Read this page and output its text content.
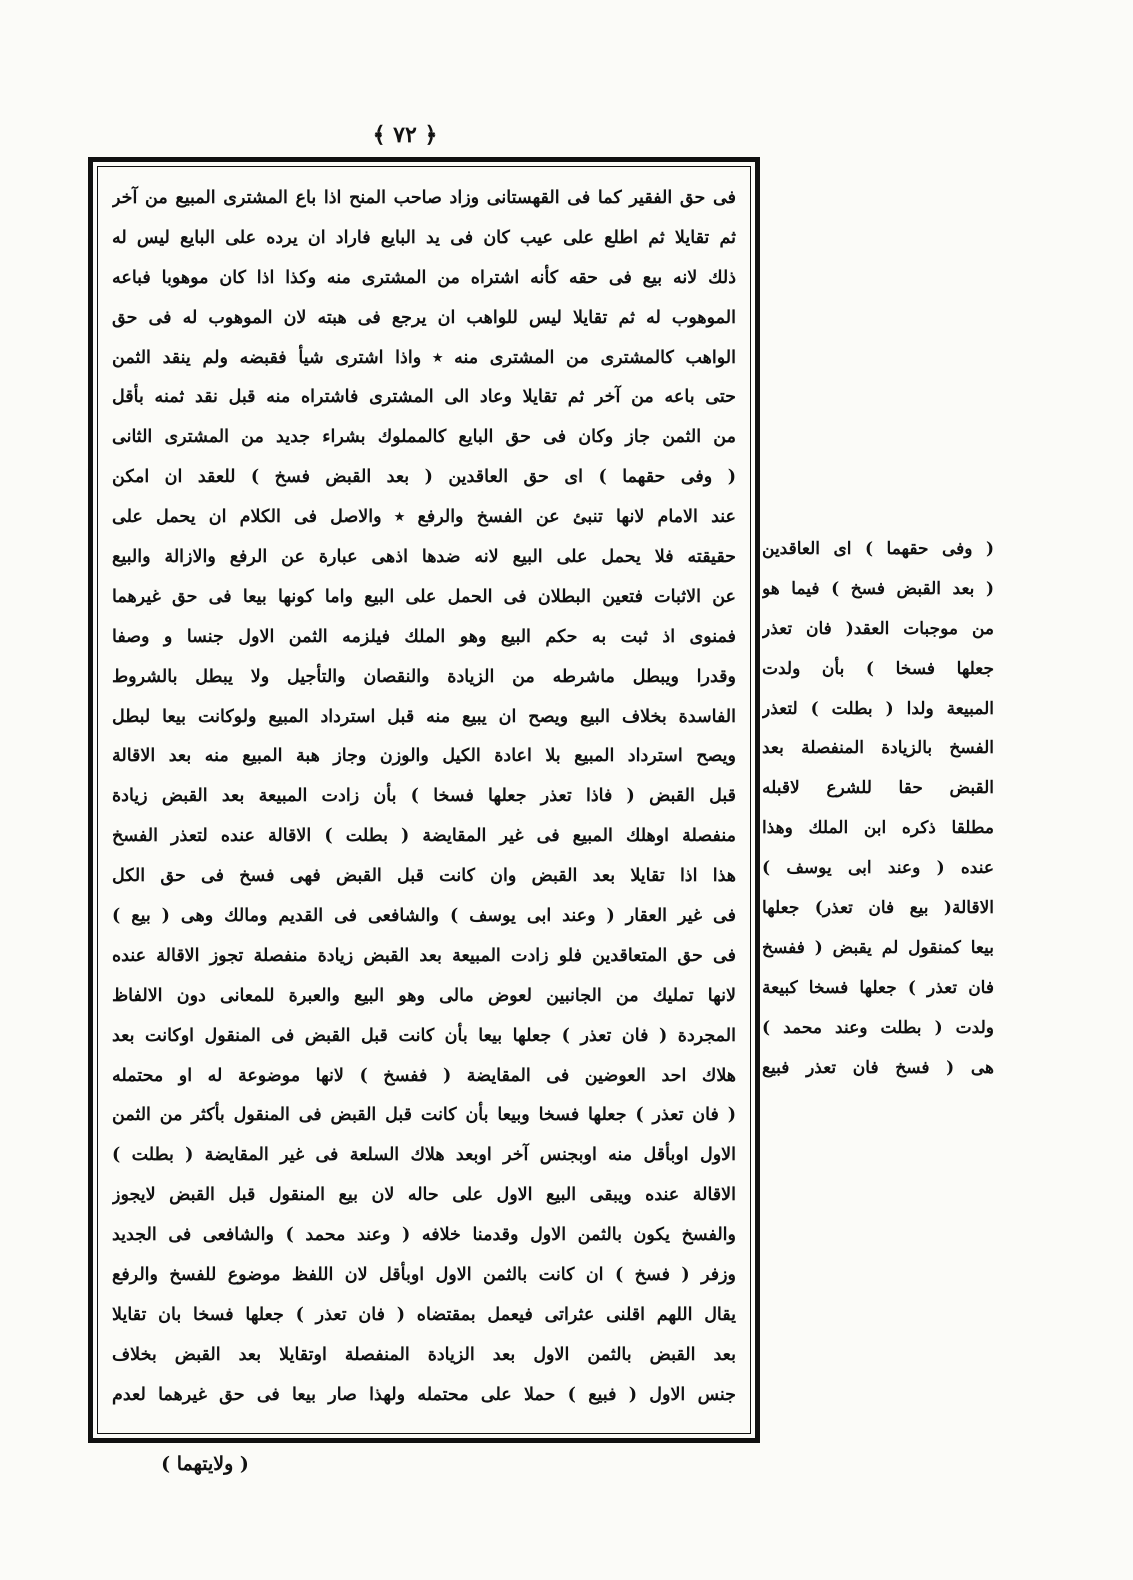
﴿ ٧٢ ﴾
فی حق الفقیر کما فی القهستانی وزاد صاحب المنح اذا باع المشتری المبیع من آخر
ثم تقایلا ثم اطلع علی عیب کان فی ید البایع فاراد ان یرده علی البایع لیس له
ذلك لانه بیع فی حقه کأنه اشتراه من المشتری منه وکذا اذا کان موهوبا فباعه
الموهوب له ثم تقایلا لیس للواهب ان یرجع فی هبته لان الموهوب له فی حق
الواهب کالمشتری من المشتری منه ٭ واذا اشتری شیأ فقبضه ولم ینقد الثمن
حتی باعه من آخر ثم تقایلا وعاد الی المشتری فاشتراه منه قبل نقد ثمنه بأقل
من الثمن جاز وکان فی حق البایع کالمملوك بشراء جدید من المشتری الثانی
( وفی حقهما ) ای حق العاقدین ( بعد القبض فسخ ) للعقد ان امکن
عند الامام لانها تنبئ عن الفسخ والرفع ٭ والاصل فی الکلام ان یحمل علی
حقیقته فلا یحمل علی البیع لانه ضدها اذهی عبارة عن الرفع والازالة والبیع
عن الاثبات فتعین البطلان فی الحمل علی البیع واما کونها بیعا فی حق غیرهما
فمنوی اذ ثبت به حکم البیع وهو الملك فیلزمه الثمن الاول جنسا و وصفا
وقدرا ویبطل ماشرطه من الزیادة والنقصان والتأجیل ولا یبطل بالشروط
الفاسدة بخلاف البیع ویصح ان یبیع منه قبل استرداد المبیع ولوکانت بیعا لبطل
ویصح استرداد المبیع بلا اعادة الکیل والوزن وجاز هبة المبیع منه بعد الاقالة
قبل القبض ( فاذا تعذر جعلها فسخا ) بأن زادت المبیعة بعد القبض زیادة
منفصلة اوهلك المبیع فی غیر المقایضة ( بطلت ) الاقالة عنده لتعذر الفسخ
هذا اذا تقایلا بعد القبض وان کانت قبل القبض فهی فسخ فی حق الکل
فی غیر العقار ( وعند ابی یوسف ) والشافعی فی القدیم ومالك وهی ( بیع )
فی حق المتعاقدین فلو زادت المبیعة بعد القبض زیادة منفصلة تجوز الاقالة عنده
لانها تملیك من الجانبین لعوض مالی وهو البیع والعبرة للمعانی دون الالفاظ
المجردة ( فان تعذر ) جعلها بیعا بأن کانت قبل القبض فی المنقول اوکانت بعد
هلاك احد العوضین فی المقایضة ( ففسخ ) لانها موضوعة له او محتمله
( فان تعذر ) جعلها فسخا وبیعا بأن کانت قبل القبض فی المنقول بأکثر من الثمن
الاول اوبأقل منه اوبجنس آخر اوبعد هلاك السلعة فی غیر المقایضة ( بطلت )
الاقالة عنده ویبقی البیع الاول علی حاله لان بیع المنقول قبل القبض لایجوز
والفسخ یکون بالثمن الاول وقدمنا خلافه ( وعند محمد ) والشافعی فی الجدید
وزفر ( فسخ ) ان کانت بالثمن الاول اوبأقل لان اللفظ موضوع للفسخ والرفع
یقال اللهم اقلنی عثراتی فیعمل بمقتضاه ( فان تعذر ) جعلها فسخا بان تقایلا
بعد القبض بالثمن الاول بعد الزیادة المنفصلة اوتقایلا بعد القبض بخلاف
جنس الاول ( فبیع ) حملا علی محتمله ولهذا صار بیعا فی حق غیرهما لعدم
( وفی حقهما ) ای العاقدین
( بعد القبض فسخ ) فیما هو
من موجبات العقد( فان تعذر
جعلها فسخا ) بأن ولدت
المبیعة ولدا ( بطلت ) لتعذر
الفسخ بالزیادة المنفصلة بعد
القبض حقا للشرع لاقبله
مطلقا ذکره ابن الملك وهذا
عنده ( وعند ابی یوسف )
الاقالة( بیع فان تعذر) جعلها
بیعا کمنقول لم یقبض ( ففسخ
فان تعذر ) جعلها فسخا کبیعة
ولدت ( بطلت وعند محمد )
هی ( فسخ فان تعذر فبیع
( ولایتهما )
